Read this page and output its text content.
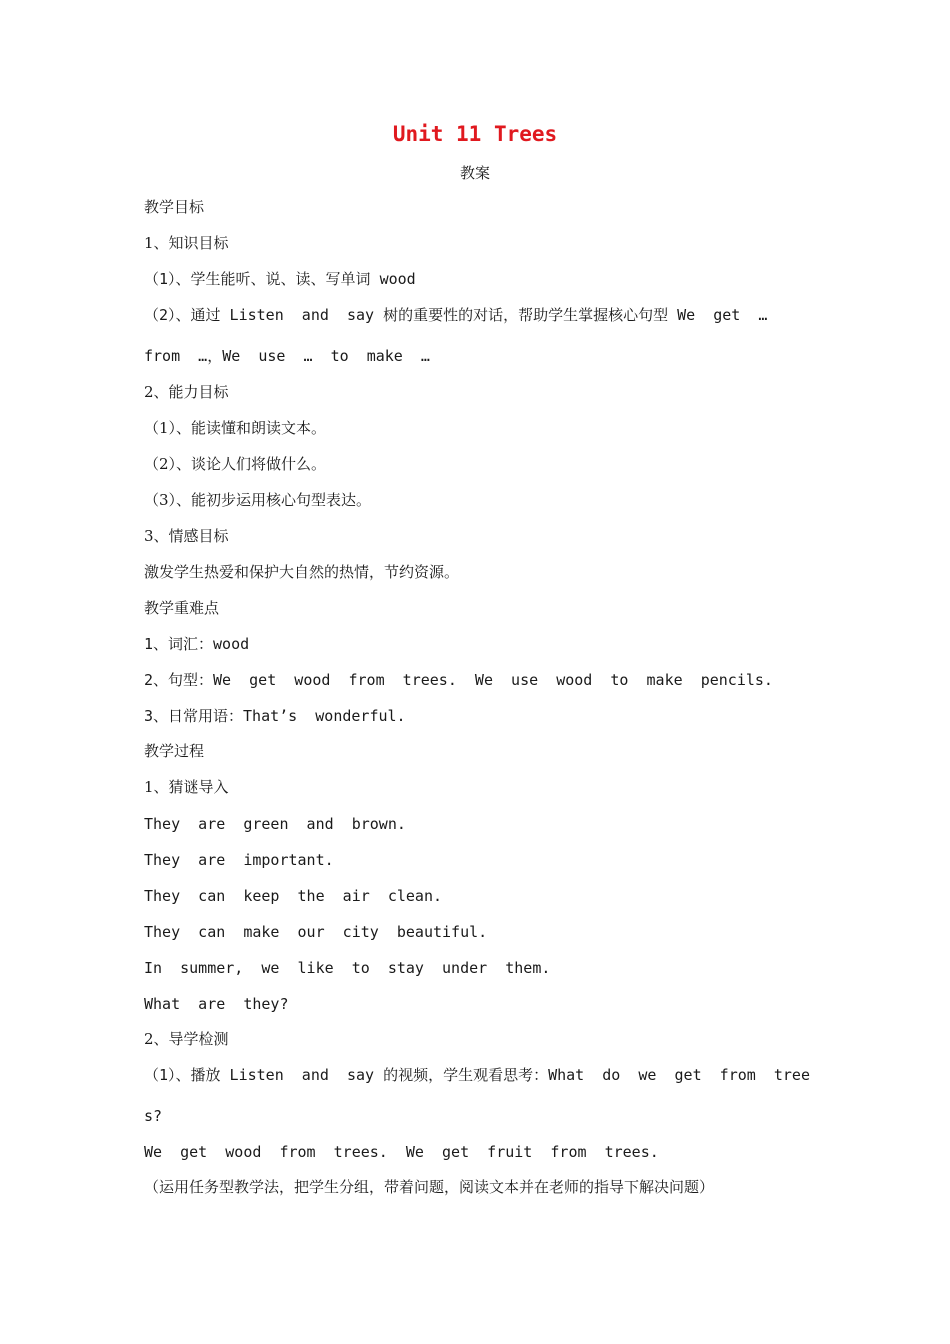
Unit 11 Trees
教案
教学目标
1、知识目标
（1）、学生能听、说、读、写单词 wood
（2）、通过 Listen  and  say 树的重要性的对话，帮助学生掌握核心句型 We  get  …
from  …，We  use  …  to  make  …
2、能力目标
（1）、能读懂和朗读文本。
（2）、谈论人们将做什么。
（3）、能初步运用核心句型表达。
3、情感目标
激发学生热爱和保护大自然的热情，节约资源。
教学重难点
1、词汇：wood
2、句型：We  get  wood  from  trees.  We  use  wood  to  make  pencils.
3、日常用语：That’s  wonderful.
教学过程
1、猜谜导入
They  are  green  and  brown.
They  are  important.
They  can  keep  the  air  clean.
They  can  make  our  city  beautiful.
In  summer,  we  like  to  stay  under  them.
What  are  they?
2、导学检测
（1）、播放 Listen  and  say 的视频，学生观看思考：What  do  we  get  from  tree
s?
We  get  wood  from  trees.  We  get  fruit  from  trees.
（运用任务型教学法，把学生分组，带着问题，阅读文本并在老师的指导下解决问题）
